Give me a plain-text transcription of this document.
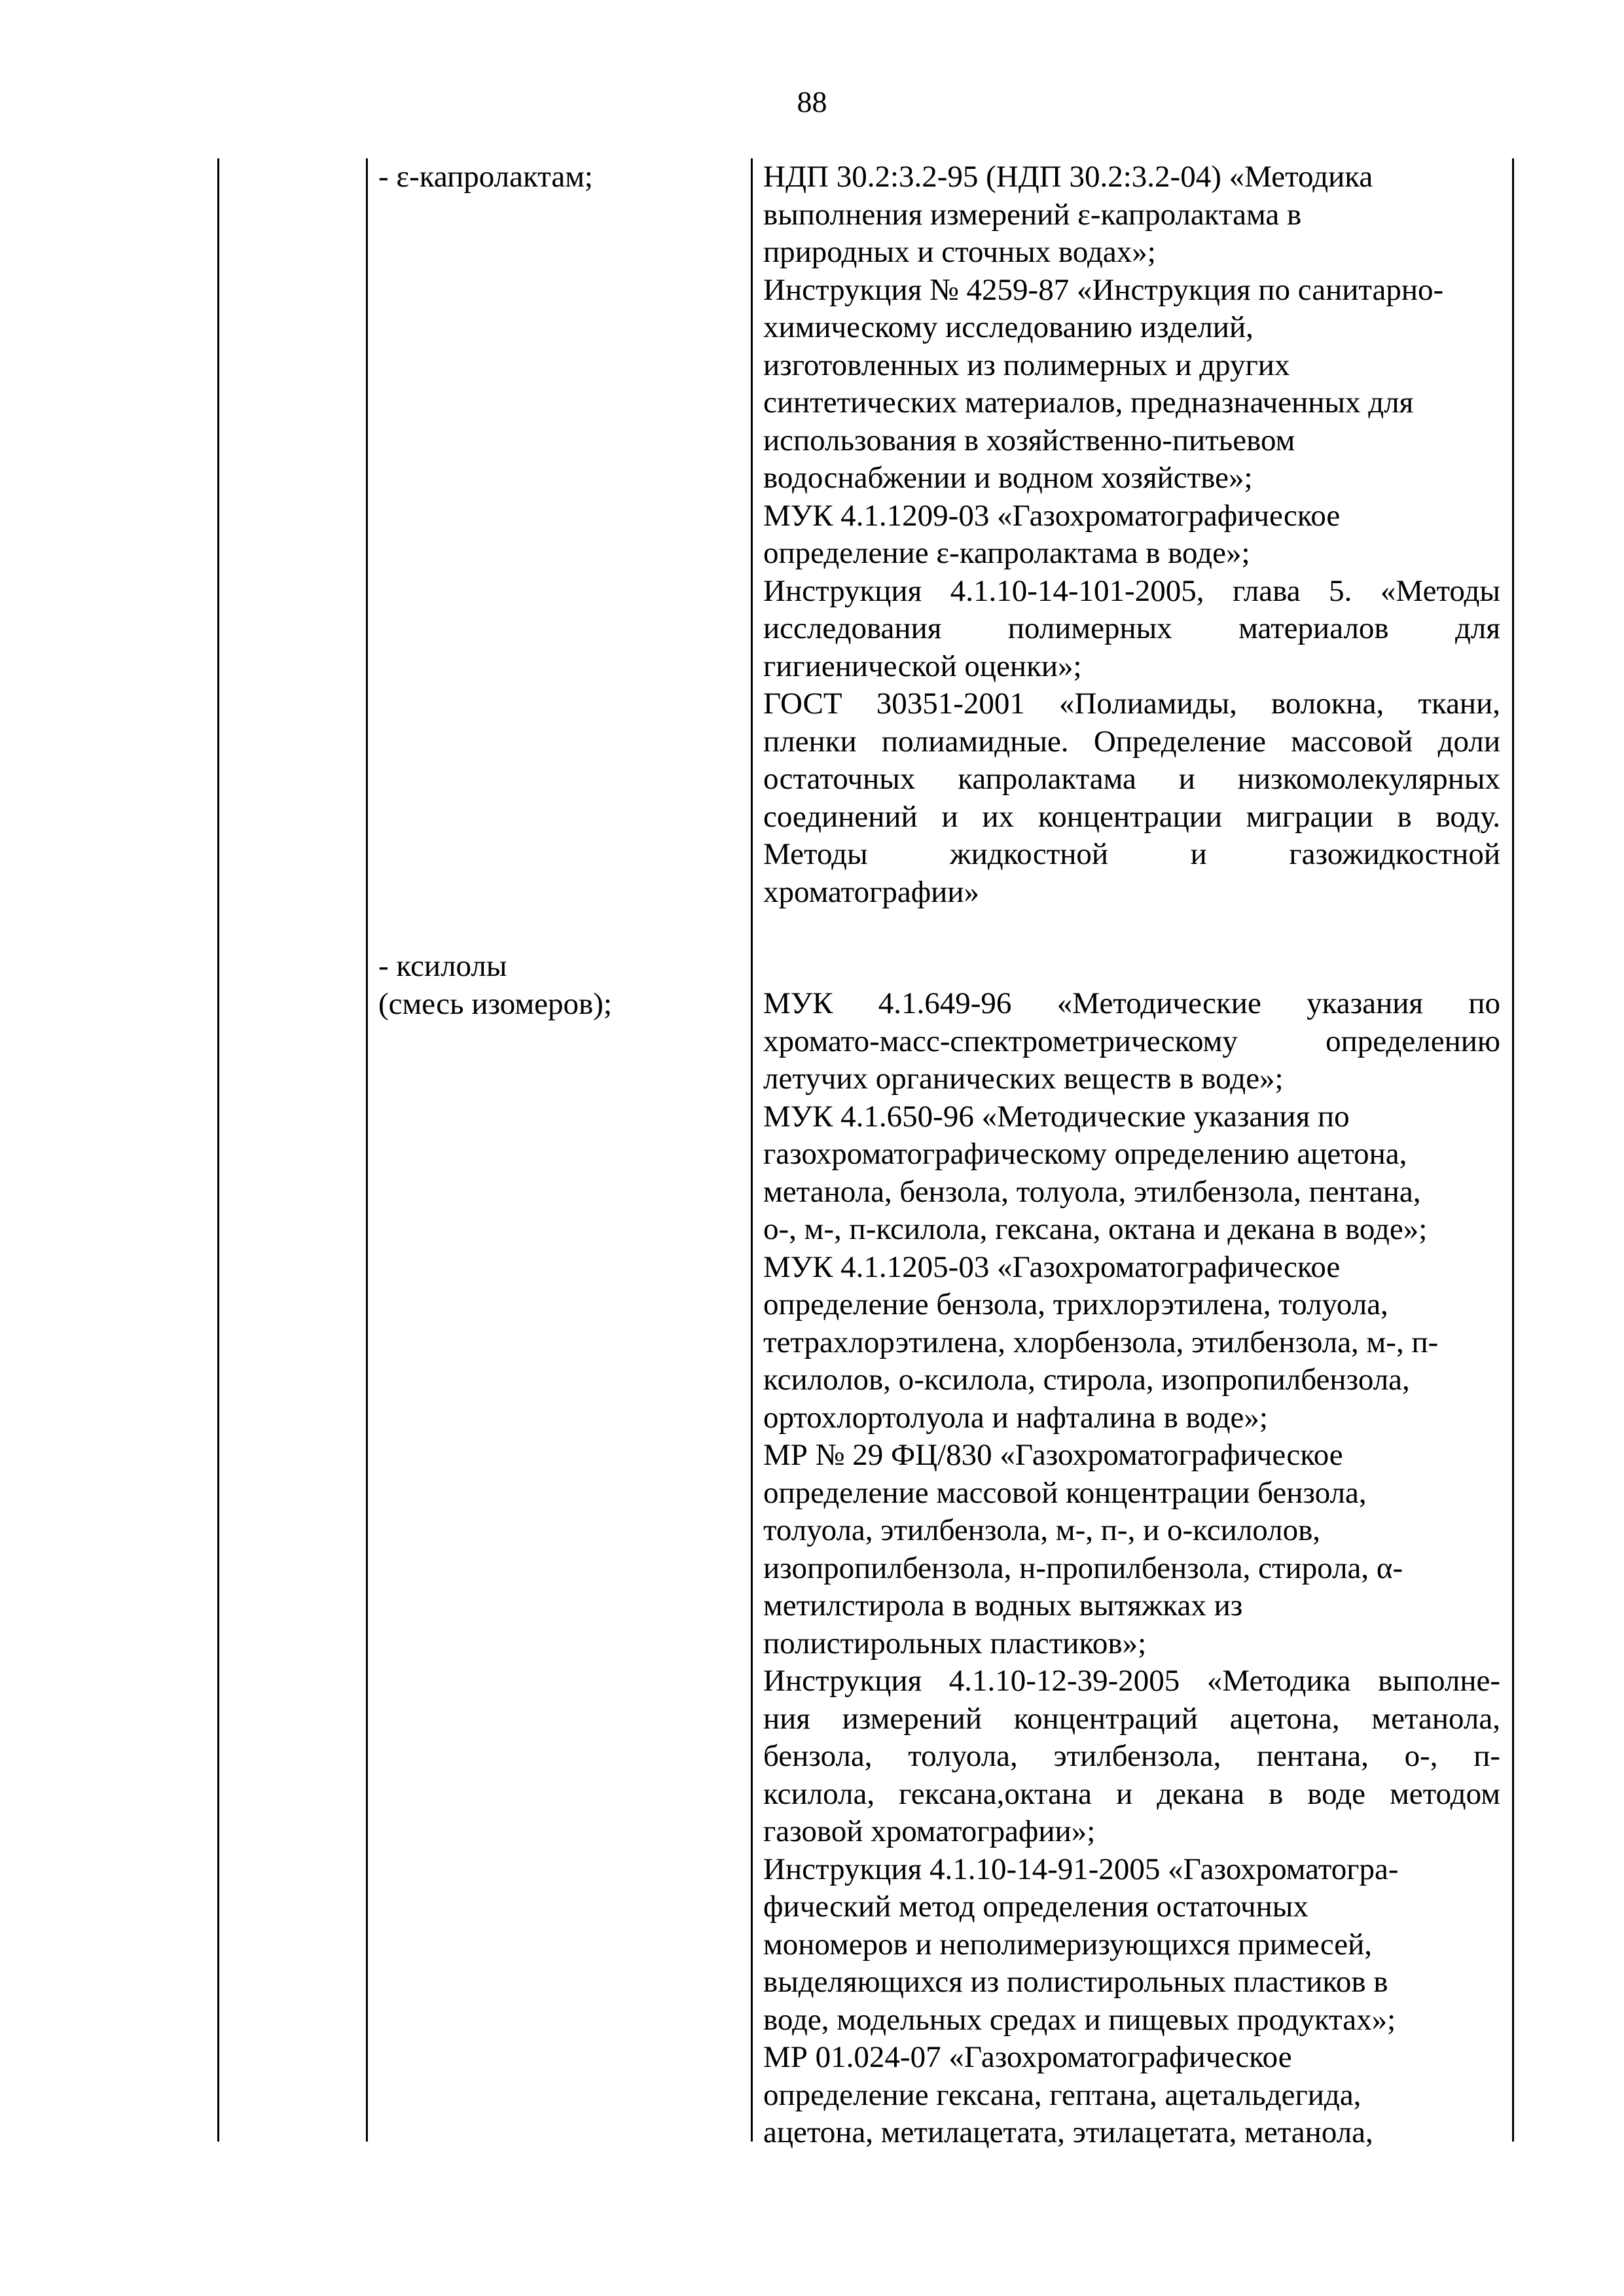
88
- ε-капролактам;	НДП 30.2:3.2-95 (НДП 30.2:3.2-04) «Методика
выполнения измерений ε-капролактама в
природных и сточных водах»;
Инструкция № 4259-87 «Инструкция по санитарно-
химическому исследованию изделий,
изготовленных из полимерных и других
синтетических материалов, предназначенных для
использования в хозяйственно-питьевом
водоснабжении и водном хозяйстве»;
МУК 4.1.1209-03 «Газохроматографическое
определение ε-капролактама в воде»;
Инструкция 4.1.10-14-101-2005, глава 5. «Методы
исследования полимерных материалов для
гигиенической оценки»;
ГОСТ 30351-2001 «Полиамиды, волокна, ткани,
пленки полиамидные. Определение массовой доли
остаточных капролактама и низкомолекулярных
соединений и их концентрации миграции в воду.
Методы жидкостной и газожидкостной
хроматографии»
- ксилолы
(смесь изомеров);	МУК 4.1.649-96 «Методические указания по
хромато-масс-спектрометрическому определению
летучих органических веществ в воде»;
МУК 4.1.650-96 «Методические указания по
газохроматографическому определению ацетона,
метанола, бензола, толуола, этилбензола, пентана,
о-, м-, п-ксилола, гексана, октана и декана в воде»;
МУК 4.1.1205-03 «Газохроматографическое
определение бензола, трихлорэтилена, толуола,
тетрахлорэтилена, хлорбензола, этилбензола, м-, п-
ксилолов, о-ксилола, стирола, изопропилбензола,
ортохлортолуола и нафталина в воде»;
МР № 29 ФЦ/830 «Газохроматографическое
определение массовой концентрации бензола,
толуола, этилбензола, м-, п-, и о-ксилолов,
изопропилбензола, н-пропилбензола, стирола, α-
метилстирола в водных вытяжках из
полистирольных пластиков»;
Инструкция 4.1.10-12-39-2005 «Методика выполне-
ния измерений концентраций ацетона, метанола,
бензола, толуола, этилбензола, пентана, о-, п-
ксилола, гексана,октана и декана в воде методом
газовой хроматографии»;
Инструкция 4.1.10-14-91-2005 «Газохроматогра-
фический метод определения остаточных
мономеров и неполимеризующихся примесей,
выделяющихся из полистирольных пластиков в
воде, модельных средах и пищевых продуктах»;
МР 01.024-07 «Газохроматографическое
определение гексана, гептана, ацетальдегида,
ацетона, метилацетата, этилацетата, метанола,
